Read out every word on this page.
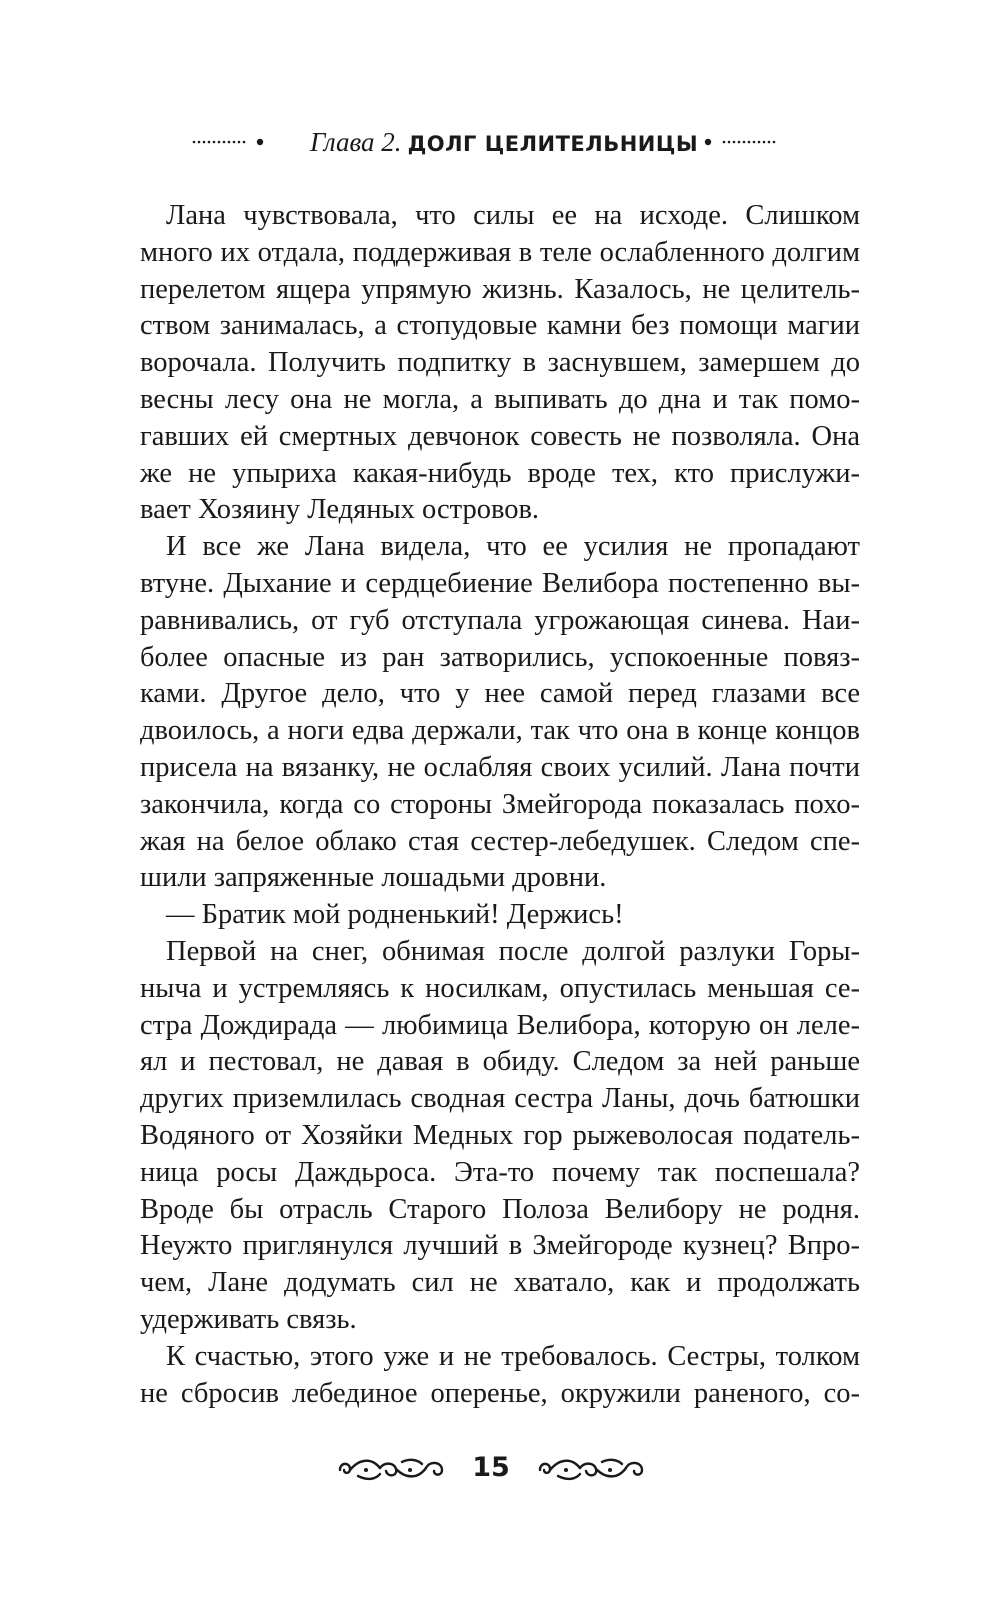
Глава 2. ДОЛГ ЦЕЛИТЕЛЬНИЦЫ
Лана чувствовала, что силы ее на исходе. Слишком
много их отдала, поддерживая в теле ослабленного долгим
перелетом ящера упрямую жизнь. Казалось, не целитель-
ством занималась, а стопудовые камни без помощи магии
ворочала. Получить подпитку в заснувшем, замершем до
весны лесу она не могла, а выпивать до дна и так помо-
гавших ей смертных девчонок совесть не позволяла. Она
же не упыриха какая-нибудь вроде тех, кто прислужи-
вает Хозяину Ледяных островов.
И все же Лана видела, что ее усилия не пропадают
втуне. Дыхание и сердцебиение Велибора постепенно вы-
равнивались, от губ отступала угрожающая синева. Наи-
более опасные из ран затворились, успокоенные повяз-
ками. Другое дело, что у нее самой перед глазами все
двоилось, а ноги едва держали, так что она в конце концов
присела на вязанку, не ослабляя своих усилий. Лана почти
закончила, когда со стороны Змейгорода показалась похо-
жая на белое облако стая сестер-лебедушек. Следом спе-
шили запряженные лошадьми дровни.
— Братик мой родненький! Держись!
Первой на снег, обнимая после долгой разлуки Горы-
ныча и устремляясь к носилкам, опустилась меньшая се-
стра Дождирада — любимица Велибора, которую он леле-
ял и пестовал, не давая в обиду. Следом за ней раньше
других приземлилась сводная сестра Ланы, дочь батюшки
Водяного от Хозяйки Медных гор рыжеволосая податель-
ница росы Даждьроса. Эта-то почему так поспешала?
Вроде бы отрасль Старого Полоза Велибору не родня.
Неужто приглянулся лучший в Змейгороде кузнец? Впро-
чем, Лане додумать сил не хватало, как и продолжать
удерживать связь.
К счастью, этого уже и не требовалось. Сестры, толком
не сбросив лебединое оперенье, окружили раненого, со-
15
